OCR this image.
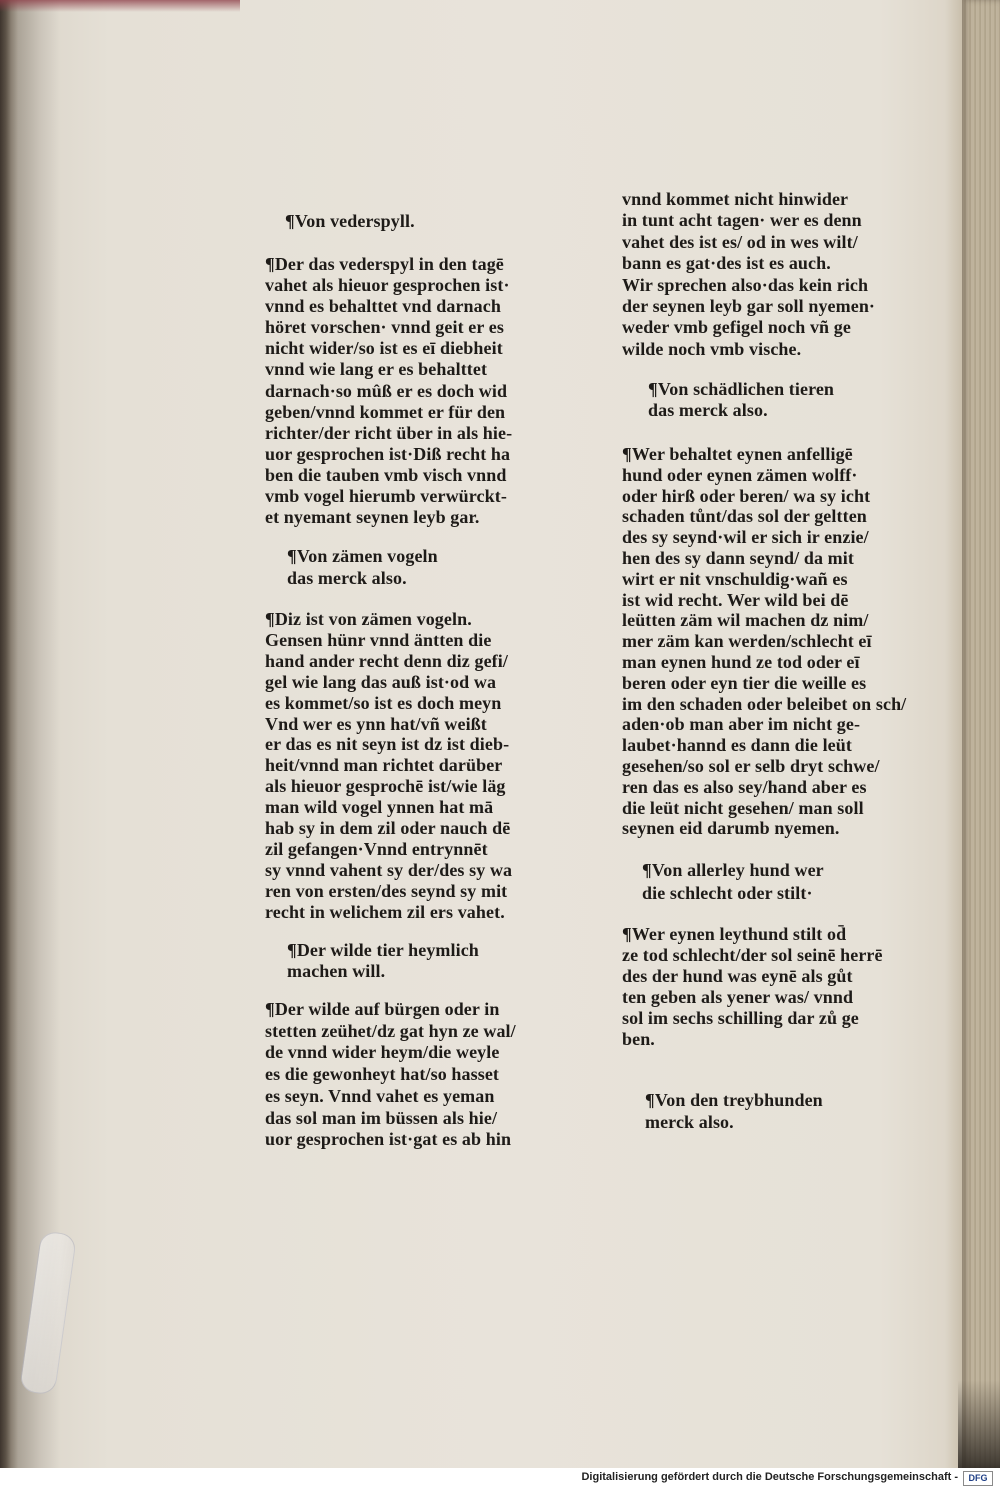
¶Von vederspyll.
¶Der das vederspyl in den tagē
vahet als hieuor gesprochen ist·
vnnd es behalttet vnd darnach
höret vorschen· vnnd geit er es
nicht wider/so ist es eī diebheit
vnnd wie lang er es behalttet
darnach·so mûß er es doch wid
geben/vnnd kommet er für den
richter/der richt über in als hie-
uor gesprochen ist·Diß recht ha
ben die tauben vmb visch vnnd
vmb vogel hierumb verwürckt-
et nyemant seynen leyb gar.
¶Von zämen vogeln
das merck also.
¶Diz ist von zämen vogeln.
Gensen hünr vnnd äntten die
hand ander recht denn diz gefi/
gel wie lang das auß ist·od wa
es kommet/so ist es doch meyn
Vnd wer es ynn hat/vñ weißt
er das es nit seyn ist dz ist dieb-
heit/vnnd man richtet darüber
als hieuor gesprochē ist/wie läg
man wild vogel ynnen hat mā
hab sy in dem zil oder nauch dē
zil gefangen·Vnnd entrynnēt
sy vnnd vahent sy der/des sy wa
ren von ersten/des seynd sy mit
recht in welichem zil ers vahet.
¶Der wilde tier heymlich
machen will.
¶Der wilde auf bürgen oder in
stetten zeühet/dz gat hyn ze wal/
de vnnd wider heym/die weyle
es die gewonheyt hat/so hasset
es seyn. Vnnd vahet es yeman
das sol man im büssen als hie/
uor gesprochen ist·gat es ab hin
vnnd kommet nicht hinwider
in tunt acht tagen· wer es denn
vahet des ist es/ od in wes wilt/
bann es gat·des ist es auch.
Wir sprechen also·das kein rich
der seynen leyb gar soll nyemen·
weder vmb gefigel noch vñ ge
wilde noch vmb vische.
¶Von schädlichen tieren
das merck also.
¶Wer behaltet eynen anfelligē
hund oder eynen zämen wolff·
oder hirß oder beren/ wa sy icht
schaden tůnt/das sol der geltten
des sy seynd·wil er sich ir enzie/
hen des sy dann seynd/ da mit
wirt er nit vnschuldig·wañ es
ist wid recht. Wer wild bei dē
leütten zäm wil machen dz nim/
mer zäm kan werden/schlecht eī
man eynen hund ze tod oder eī
beren oder eyn tier die weille es
im den schaden oder beleibet on sch/
aden·ob man aber im nicht ge-
laubet·hannd es dann die leüt
gesehen/so sol er selb dryt schwe/
ren das es also sey/hand aber es
die leüt nicht gesehen/ man soll
seynen eid darumb nyemen.
¶Von allerley hund wer
die schlecht oder stilt·
¶Wer eynen leythund stilt od̄
ze tod schlecht/der sol seinē herrē
des der hund was eynē als gůt
ten geben als yener was/ vnnd
sol im sechs schilling dar zů ge
ben.
¶Von den treybhunden
merck also.
Digitalisierung gefördert durch die Deutsche Forschungsgemeinschaft -	DFG
